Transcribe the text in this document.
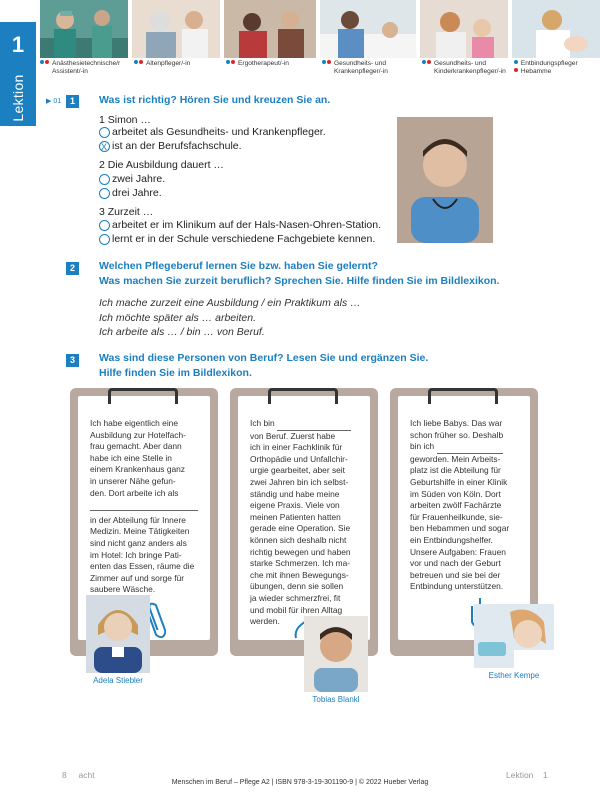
1
Lektion
Anästhesietechnische/r Assistent/-in
Altenpfleger/-in	Ergotherapeut/-in	Gesundheits- und Krankenpfleger/-in
Gesundheits- und Kinderkrankenpfleger/-in
Entbindungspfleger
Hebamme
▶ 01 1	Was ist richtig? Hören Sie und kreuzen Sie an.
1 Simon …
arbeitet als Gesundheits- und Krankenpfleger.
X
ist an der Berufsfachschule.
2 Die Ausbildung dauert …
zwei Jahre.
drei Jahre.
3 Zurzeit …
arbeitet er im Klinikum auf der Hals-Nasen-Ohren-Station.
lernt er in der Schule verschiedene Fachgebiete kennen.
2	Welchen Pflegeberuf lernen Sie bzw. haben Sie gelernt?
Was machen Sie zurzeit beruflich? Sprechen Sie. Hilfe finden Sie im Bildlexikon.
Ich mache zurzeit eine Ausbildung / ein Praktikum als …
Ich möchte später als … arbeiten.
Ich arbeite als … / bin … von Beruf.
3	Was sind diese Personen von Beruf? Lesen Sie und ergänzen Sie.
Hilfe finden Sie im Bildlexikon.

Ich habe eigentlich eine
Ausbildung zur Hotelfach-
frau gemacht. Aber dann
habe ich eine Stelle in
einem Krankenhaus ganz
in unserer Nähe gefun-
den. Dort arbeite ich als

in der Abteilung für Innere
Medizin. Meine Tätigkeiten
sind nicht ganz anders als
im Hotel: Ich bringe Pati-
enten das Essen, räume die
Zimmer auf und sorge für
saubere Wäsche.

Ich bin

von Beruf. Zuerst habe
ich in einer Fachklinik für
Orthopädie und Unfallchir-
urgie gearbeitet, aber seit
zwei Jahren bin ich selbst-
ständig und habe meine
eigene Praxis. Viele von
meinen Patienten hatten
gerade eine Operation. Sie
können sich deshalb nicht
richtig bewegen und haben
starke Schmerzen. Ich ma-
che mit ihnen Bewegungs-
übungen, denn sie sollen
ja wieder schmerzfrei, fit
und mobil für ihren Alltag
werden.

Ich liebe Babys. Das war
schon früher so. Deshalb
bin ich

geworden. Mein Arbeits-
platz ist die Abteilung für
Geburtshilfe in einer Klinik
im Süden von Köln. Dort
arbeiten zwölf Fachärzte
für Frauenheilkunde, sie-
ben Hebammen und sogar
ein Entbindungshelfer.
Unsere Aufgaben: Frauen
vor und nach der Geburt
betreuen und sie bei der
Entbindung unterstützen.

Adela Stiebler
Tobias Blankl
Esther Kempe
8 acht	Lektion 1
Menschen im Beruf – Pflege A2 | ISBN 978-3-19-301190-9 | © 2022 Hueber Verlag
